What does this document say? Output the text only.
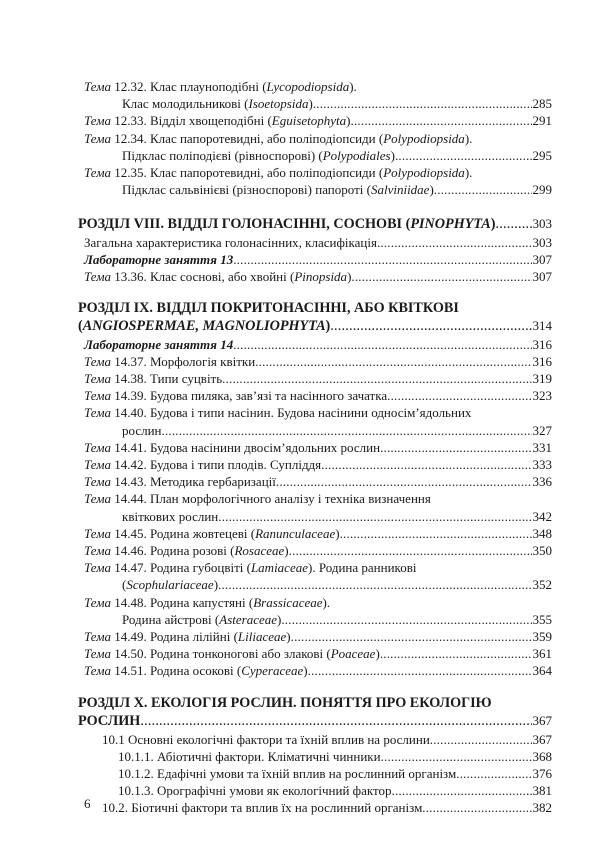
Тема 12.32. Клас плауноподібні (Lycopodiopsida).
Клас молодильникові (Isoetopsida) .....	285
Тема 12.33. Відділ хвощеподібні (Eguisetophyta) .....	291
Тема 12.34. Клас папоротевидні, або поліподіопсиди (Polypodiopsida).
Підклас поліподієві (рівноспорові) (Polypodiales) .....	295
Тема 12.35. Клас папоротевидні, або поліподіопсиди (Polypodiopsida).
Підклас сальвінієві (різноспорові) папороті (Salviniidae) .....	299
РОЗДІЛ VIII. ВІДДІЛ ГОЛОНАСІННІ, СОСНОВІ (PINOPHYTA) .....	303
Загальна характеристика голонасінних, класифікація .....	303
Лабораторне заняття 13 .....	307
Тема 13.36. Клас соснові, або хвойні (Pinopsida) .....	307
РОЗДІЛ IX. ВІДДІЛ ПОКРИТОНАСІННІ, АБО КВІТКОВІ
(ANGIOSPERMAE, MAGNOLIOPHYTA) .....	314
Лабораторне заняття 14 .....	316
Тема 14.37. Морфологія квітки .....	316
Тема 14.38. Типи суцвіть .....	319
Тема 14.39. Будова пиляка, зав’язі та насінного зачатка .....	323
Тема 14.40. Будова і типи насінин. Будова насінини односім’ядольних
рослин .....	327
Тема 14.41. Будова насінини двосім’ядольних рослин .....	331
Тема 14.42. Будова і типи плодів. Супліддя .....	333
Тема 14.43. Методика гербаризації .....	336
Тема 14.44. План морфологічного аналізу і техніка визначення
квіткових рослин .....	342
Тема 14.45. Родина жовтецеві (Ranunculaceae) .....	348
Тема 14.46. Родина розові (Rosaceae) .....	350
Тема 14.47. Родина губоцвіті (Lamiaceae). Родина ранникові
(Scophulariaceae) .....	352
Тема 14.48. Родина капустяні (Brassicaceae).
Родина айстрові (Asteraceae) .....	355
Тема 14.49. Родина лілійні (Liliaceae) .....	359
Тема 14.50. Родина тонконогові або злакові (Poaceae) .....	361
Тема 14.51. Родина осокові (Cyperaceae) .....	364
РОЗДІЛ Х. ЕКОЛОГІЯ РОСЛИН. ПОНЯТТЯ ПРО ЕКОЛОГІЮ
РОСЛИН .....	367
10.1 Основні екологічні фактори та їхній вплив на рослини .....	367
10.1.1. Абіотичні фактори. Кліматичні чинники .....	368
10.1.2. Едафічні умови та їхній вплив на рослинний організм .....	376
10.1.3. Орографічні умови як екологічний фактор .....	381
10.2. Біотичні фактори та вплив їх на рослинний організм .....	382
6
